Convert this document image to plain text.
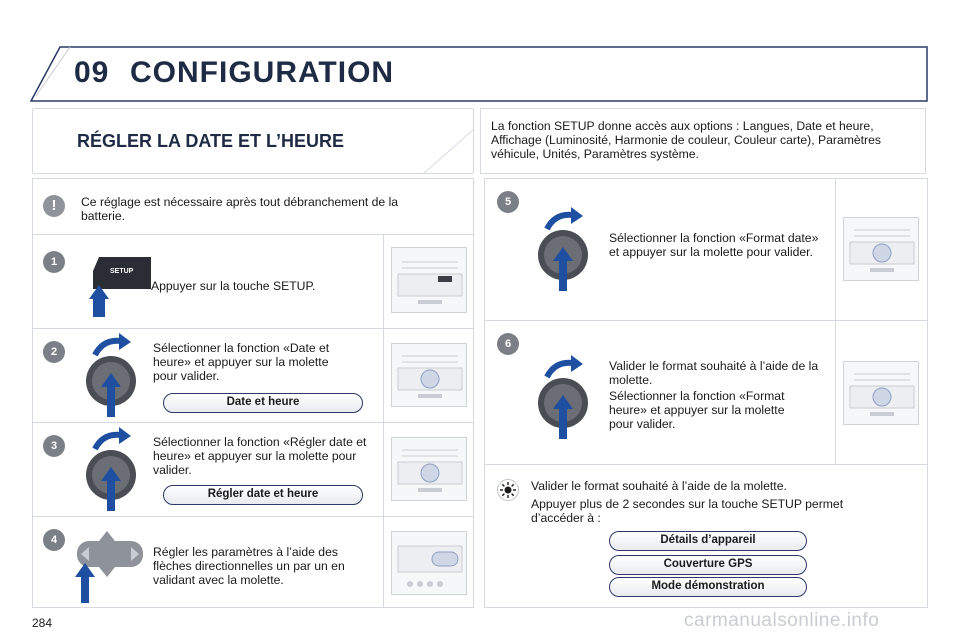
09 CONFIGURATION
RÉGLER LA DATE ET L’HEURE
La fonction SETUP donne accès aux options : Langues, Date et heure, Affichage (Luminosité, Harmonie de couleur, Couleur carte), Paramètres véhicule, Unités, Paramètres système.
!	Ce réglage est nécessaire après tout débranchement de la batterie.
1
SETUP
Appuyer sur la touche SETUP.
2	Sélectionner la fonction «Date et heure» et appuyer sur la molette pour valider.
Date et heure
3	Sélectionner la fonction «Régler date et heure» et appuyer sur la molette pour valider.
Régler date et heure
4
Régler les paramètres à l’aide des flèches directionnelles un par un en validant avec la molette.
5
Sélectionner la fonction «Format date» et appuyer sur la molette pour valider.
6
Valider le format souhaité à l’aide de la molette.
Sélectionner la fonction «Format heure» et appuyer sur la molette pour valider.
Valider le format souhaité à l’aide de la molette.
Appuyer plus de 2 secondes sur la touche SETUP permet d’accéder à :
Détails d’appareil
Couverture GPS
Mode démonstration
284	carmanualsonline.info
